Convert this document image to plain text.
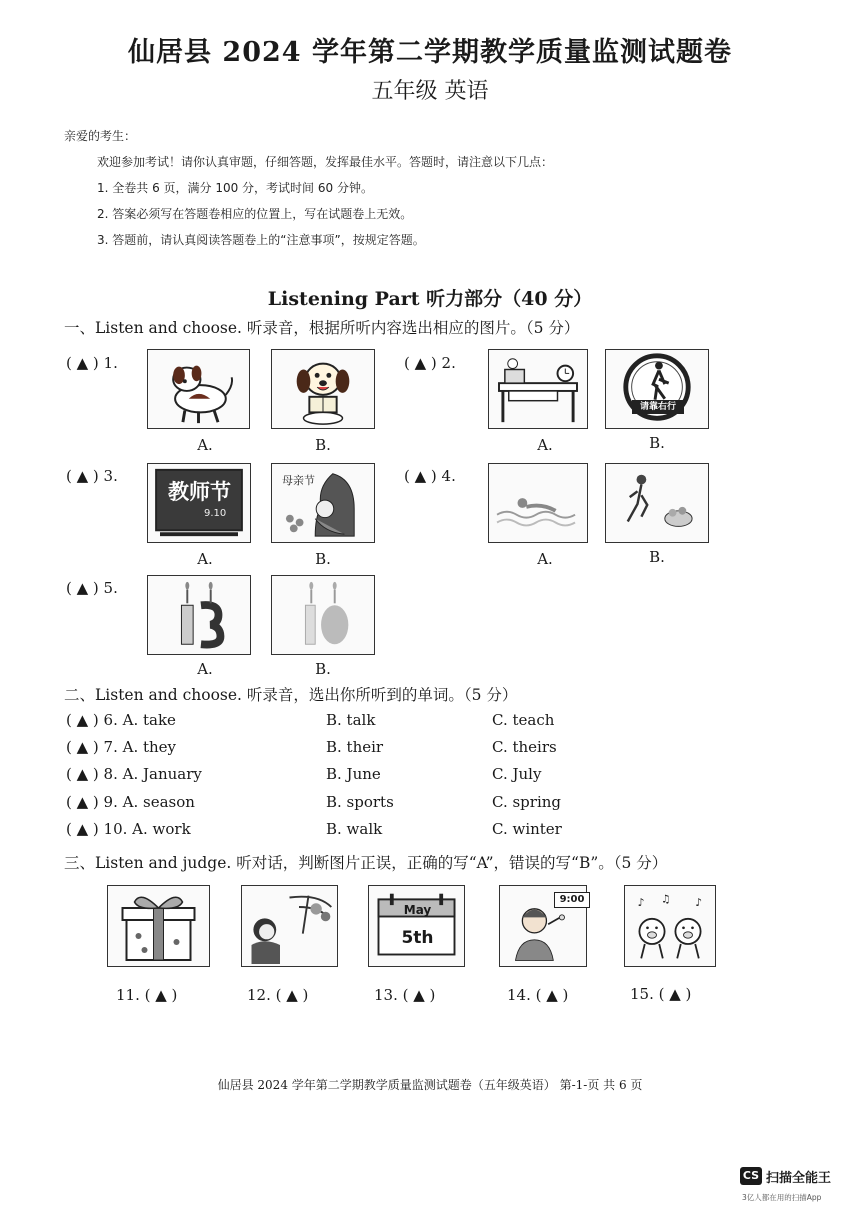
仙居县 2024 学年第二学期教学质量监测试题卷
五年级 英语
亲爱的考生：
欢迎参加考试！请你认真审题，仔细答题，发挥最佳水平。答题时，请注意以下几点：
1. 全卷共 6 页，满分 100 分，考试时间 60 分钟。
2. 答案必须写在答题卷相应的位置上，写在试题卷上无效。
3. 答题前，请认真阅读答题卷上的“注意事项”，按规定答题。
Listening Part 听力部分（40 分）
一、Listen and choose. 听录音，根据所听内容选出相应的图片。（5 分）
( ▲ ) 1.
A.	B.
( ▲ ) 2.
A.
请靠右行
B.
( ▲ ) 3.
教师节
9.10
A.
母亲节
B.
( ▲ ) 4.
A.	B.
( ▲ ) 5.
A.	B.
二、Listen and choose. 听录音，选出你所听到的单词。（5 分）
( ▲ ) 6. A. take	B. talk	C. teach
( ▲ ) 7. A. they	B. their	C. theirs
( ▲ ) 8. A. January	B. June	C. July
( ▲ ) 9. A. season	B. sports	C. spring
( ▲ ) 10. A. work	B. walk	C. winter
三、Listen and judge. 听对话，判断图片正误，正确的写“A”，错误的写“B”。（5 分）
May
5th
9:00	♪ ♫ ♪
11. ( ▲ )	12. ( ▲ )	13. ( ▲ )	14. ( ▲ )	15. ( ▲ )
仙居县 2024 学年第二学期教学质量监测试题卷（五年级英语） 第-1-页 共 6 页
CS 扫描全能王
3亿人都在用的扫描App
